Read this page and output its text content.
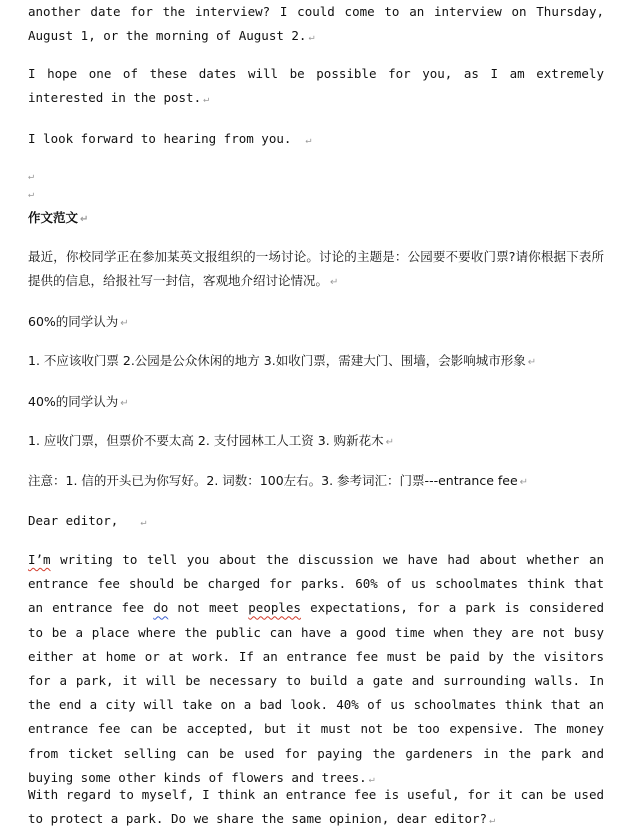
another date for the interview? I could come to an interview on Thursday, August 1, or the morning of August 2. ↵

I hope one of these dates will be possible for you, as I am extremely interested in the post. ↵

I look forward to hearing from you. ↵

↵

↵

作文范文 ↵

最近，你校同学正在参加某英文报组织的一场讨论。讨论的主题是：公园要不要收门票?请你根据下表所提供的信息，给报社写一封信，客观地介绍讨论情况。 ↵

60%的同学认为 ↵

1. 不应该收门票 2.公园是公众休闲的地方 3.如收门票，需建大门、围墙，会影响城市形象 ↵

40%的同学认为 ↵

1. 应收门票，但票价不要太高 2. 支付园林工人工资 3. 购新花木 ↵

注意：1. 信的开头已为你写好。2. 词数：100左右。3. 参考词汇：门票---entrance fee ↵

Dear editor, ↵

I’m writing to tell you about the discussion we have had about whether an entrance fee should be charged for parks. 60% of us schoolmates think that an entrance fee do not meet peoples expectations, for a park is considered to be a place where the public can have a good time when they are not busy either at home or at work. If an entrance fee must be paid by the visitors for a park, it will be necessary to build a gate and surrounding walls. In the end a city will take on a bad look. 40% of us schoolmates think that an entrance fee can be accepted, but it must not be too expensive. The money from ticket selling can be used for paying the gardeners in the park and buying some other kinds of flowers and trees. ↵

With regard to myself, I think an entrance fee is useful, for it can be used to protect a park. Do we share the same opinion, dear editor? ↵
